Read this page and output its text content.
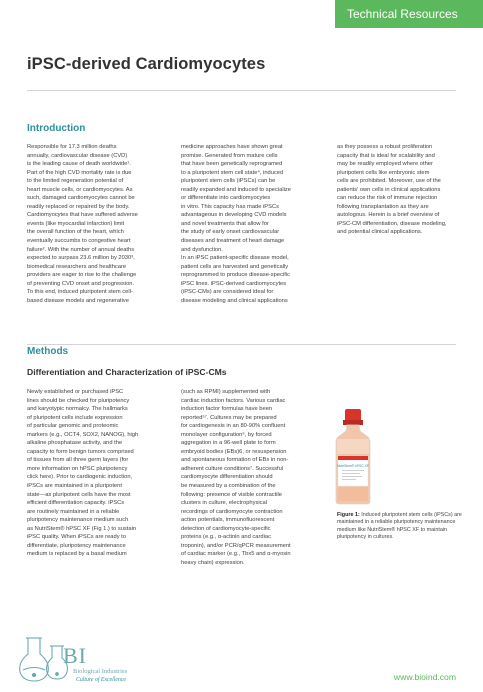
Technical Resources
iPSC-derived Cardiomyocytes
Introduction

Responsible for 17.3 million deaths

annually, cardiovascular disease (CVD)

is the leading cause of death worldwide¹.

Part of the high CVD mortality rate is due

to the limited regeneration potential of

heart muscle cells, or cardiomyocytes. As

such, damaged cardiomyocytes cannot be

readily replaced or repaired by the body.

Cardiomyocytes that have suffered adverse

events (like myocardial infarction) limit

the overall function of the heart, which

eventually succumbs to congestive heart

failure². With the number of annual deaths

expected to surpass 23.6 million by 2030³,

biomedical researchers and healthcare

providers are eager to rise to the challenge

of preventing CVD onset and progression.

To this end, induced pluripotent stem cell-

based disease models and regenerative

medicine approaches have shown great

promise. Generated from mature cells

that have been genetically reprogramed

to a pluripotent stem cell state⁴, induced

pluripotent stem cells (iPSCs) can be

readily expanded and induced to specialize

or differentiate into cardiomyocytes

in vitro. This capacity has made iPSCs

advantageous in developing CVD models

and novel treatments that allow for

the study of early onset cardiovascular

diseases and treatment of heart damage

and dysfunction.

In an iPSC patient-specific disease model,

patient cells are harvested and genetically

reprogrammed to produce disease-specific

iPSC lines. iPSC-derived cardiomyocytes

(iPSC-CMs) are considered ideal for

disease modeling and clinical applications

as they possess a robust proliferation

capacity that is ideal for scalability and

may be readily employed where other

pluripotent cells like embryonic stem

cells are prohibited. Moreover, use of the

patients' own cells in clinical applications

can reduce the risk of immune rejection

following transplantation as they are

autologous. Herein is a brief overview of

iPSC-CM differentiation, disease modeling,

and potential clinical applications.

Methods
Differentiation and Characterization of iPSC-CMs

Newly established or purchased iPSC

lines should be checked for pluripotency

and karyotypic normalcy. The hallmarks

of pluripotent cells include expression

of particular genomic and proteomic

markers (e.g., OCT4, SOX2, NANOG), high

alkaline phosphatase activity, and the

capacity to form benign tumors comprised

of tissues from all three germ layers (for

more information on hPSC pluripotency

click here). Prior to cardiogenic induction,

iPSCs are maintained in a pluripotent

state—as pluripotent cells have the most

efficient differentiation capacity. iPSCs

are routinely maintained in a reliable

pluripotency maintenance medium such

as NutriStem® hPSC XF (Fig 1.) to sustain

iPSC quality. When iPSCs are ready to

differentiate, pluripotency maintenance

medium is replaced by a basal medium

(such as RPMI) supplemented with

cardiac induction factors. Various cardiac

induction factor formulas have been

reported⁵⁷. Cultures may be prepared

for cardiogenesis in an 80-90% confluent

monolayer configuration⁶, by forced

aggregation in a 96-well plate to form

embryoid bodies (EBs)6, or resuspension

and spontaneous formation of EBs in non-

adherent culture conditions⁷. Successful

cardiomyocyte differentiation should

be measured by a combination of the

following: presence of visible contractile

clusters in culture, electrophysical

recordings of cardiomyocyte contraction

action potentials, immunofluorescent

detection of cardiomyocyte-specific

proteins (e.g., α-actinin and cardiac

troponin), and/or PCR/qPCR measurement

of cardiac marker (e.g., Tbx5 and α-myosin

heavy chain) expression.

NutriStem® hPSC XF
Figure 1: Induced pluripotent stem cells (iPSCs) are maintained in a reliable pluripotency maintenance medium like NutriStem® hPSC XF to maintain pluripotency in cultures.
BI
Biological Industries
Culture of Excellence	www.bioind.com
